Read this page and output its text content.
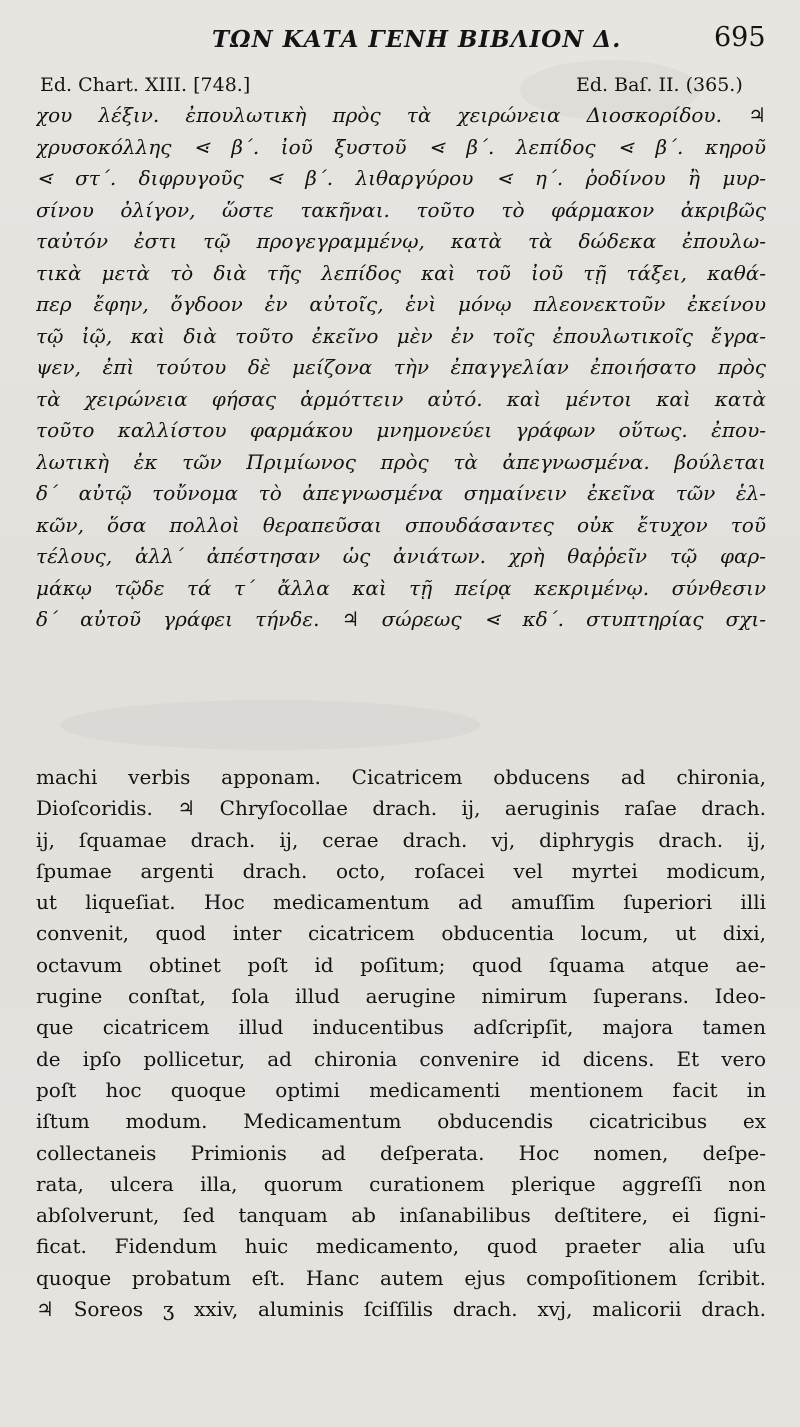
ΤΩΝ ΚΑΤΑ ΓΕΝΗ ΒΙΒΛΙΟΝ Δ.	695
Ed. Chart. XIII. [748.]	Ed. Baſ. II. (365.)
χου λέξιν. ἐπουλωτικὴ πρὸς τὰ χειρώνεια Διοσκορίδου. ♃
χρυσοκόλλης ⋖ β΄. ἰοῦ ξυστοῦ ⋖ β΄. λεπίδος ⋖ β΄. κηροῦ
⋖ στ΄. διφρυγοῦς ⋖ β΄. λιθαργύρου ⋖ η΄. ῥοδίνου ἢ μυρ-
σίνου ὀλίγον, ὥστε τακῆναι. τοῦτο τὸ φάρμακον ἀκριβῶς
ταὐτόν ἐστι τῷ προγεγραμμένῳ, κατὰ τὰ δώδεκα ἐπουλω-
τικὰ μετὰ τὸ διὰ τῆς λεπίδος καὶ τοῦ ἰοῦ τῇ τάξει, καθά-
περ ἔφην, ὄγδοον ἐν αὐτοῖς, ἑνὶ μόνῳ πλεονεκτοῦν ἐκείνου
τῷ ἰῷ, καὶ διὰ τοῦτο ἐκεῖνο μὲν ἐν τοῖς ἐπουλωτικοῖς ἔγρα-
ψεν, ἐπὶ τούτου δὲ μείζονα τὴν ἐπαγγελίαν ἐποιήσατο πρὸς
τὰ χειρώνεια φήσας ἁρμόττειν αὐτό. καὶ μέντοι καὶ κατὰ
τοῦτο καλλίστου φαρμάκου μνημονεύει γράφων οὕτως. ἐπου-
λωτικὴ ἐκ τῶν Πριμίωνος πρὸς τὰ ἀπεγνωσμένα. βούλεται
δ΄ αὐτῷ τοὔνομα τὸ ἀπεγνωσμένα σημαίνειν ἐκεῖνα τῶν ἑλ-
κῶν, ὅσα πολλοὶ θεραπεῦσαι σπουδάσαντες οὐκ ἔτυχον τοῦ
τέλους, ἀλλ΄ ἀπέστησαν ὡς ἀνιάτων. χρὴ θαῤῥεῖν τῷ φαρ-
μάκῳ τῷδε τά τ΄ ἄλλα καὶ τῇ πείρᾳ κεκριμένῳ. σύνθεσιν
δ΄ αὐτοῦ γράφει τήνδε. ♃ σώρεως ⋖ κδ΄. στυπτηρίας σχι-
machi verbis apponam. Cicatricem obducens ad chironia,
Dioſcoridis. ♃ Chryſocollae drach. ij, aeruginis raſae drach.
ij, ſquamae drach. ij, cerae drach. vj, diphrygis drach. ij,
ſpumae argenti drach. octo, roſacei vel myrtei modicum,
ut liqueſiat. Hoc medicamentum ad amuſſim ſuperiori illi
convenit, quod inter cicatricem obducentia locum, ut dixi,
octavum obtinet poſt id poſitum; quod ſquama atque ae-
rugine conſtat, ſola illud aerugine nimirum ſuperans. Ideo-
que cicatricem illud inducentibus adſcripſit, majora tamen
de ipſo pollicetur, ad chironia convenire id dicens. Et vero
poſt hoc quoque optimi medicamenti mentionem facit in
iſtum modum. Medicamentum obducendis cicatricibus ex
collectaneis Primionis ad deſperata. Hoc nomen, deſpe-
rata, ulcera illa, quorum curationem plerique aggreſſi non
abſolverunt, ſed tanquam ab inſanabilibus deſtitere, ei ſigni-
ficat. Fidendum huic medicamento, quod praeter alia uſu
quoque probatum eſt. Hanc autem ejus compoſitionem ſcribit.
♃ Soreos ʒ xxiv, aluminis ſciſſilis drach. xvj, malicorii drach.
